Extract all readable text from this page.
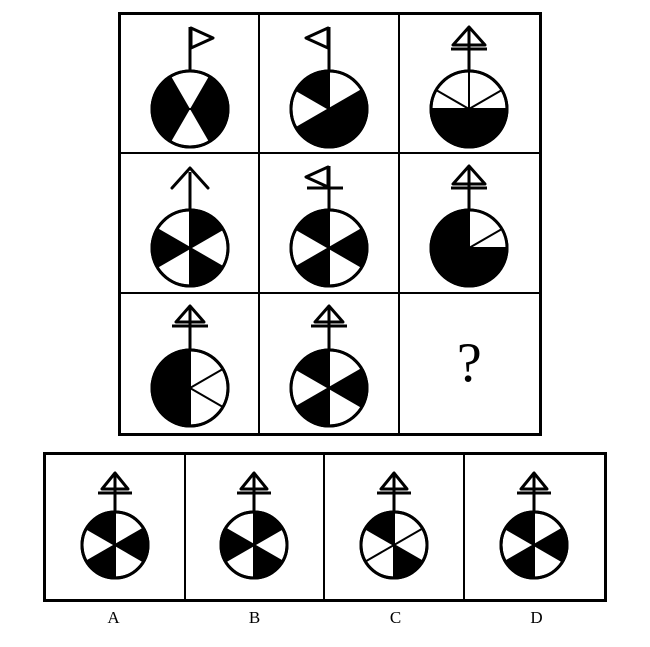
?
A	B	C	D
